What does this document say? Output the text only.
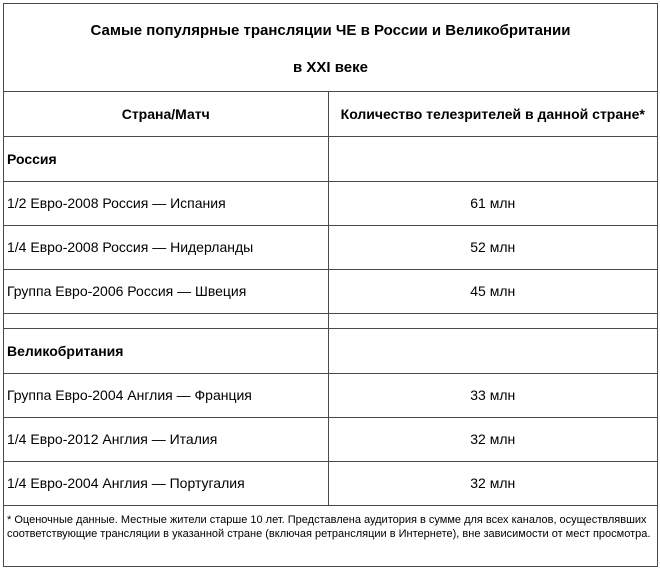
Самые популярные трансляции ЧЕ в России и Великобритании
в XXI веке
Страна/Матч	Количество телезрителей в данной стране*
Россия	
1/2 Евро-2008 Россия — Испания	61 млн
1/4 Евро-2008 Россия — Нидерланды	52 млн
Группа Евро-2006 Россия — Швеция	45 млн

Великобритания	
Группа Евро-2004 Англия — Франция	33 млн
1/4 Евро-2012 Англия — Италия	32 млн
1/4 Евро-2004 Англия — Португалия	32 млн

* Оценочные данные. Местные жители старше 10 лет. Представлена аудитория в сумме для всех каналов, осуществлявших соответствующие трансляции в указанной стране (включая ретрансляции в Интернете), вне зависимости от мест просмотра.
